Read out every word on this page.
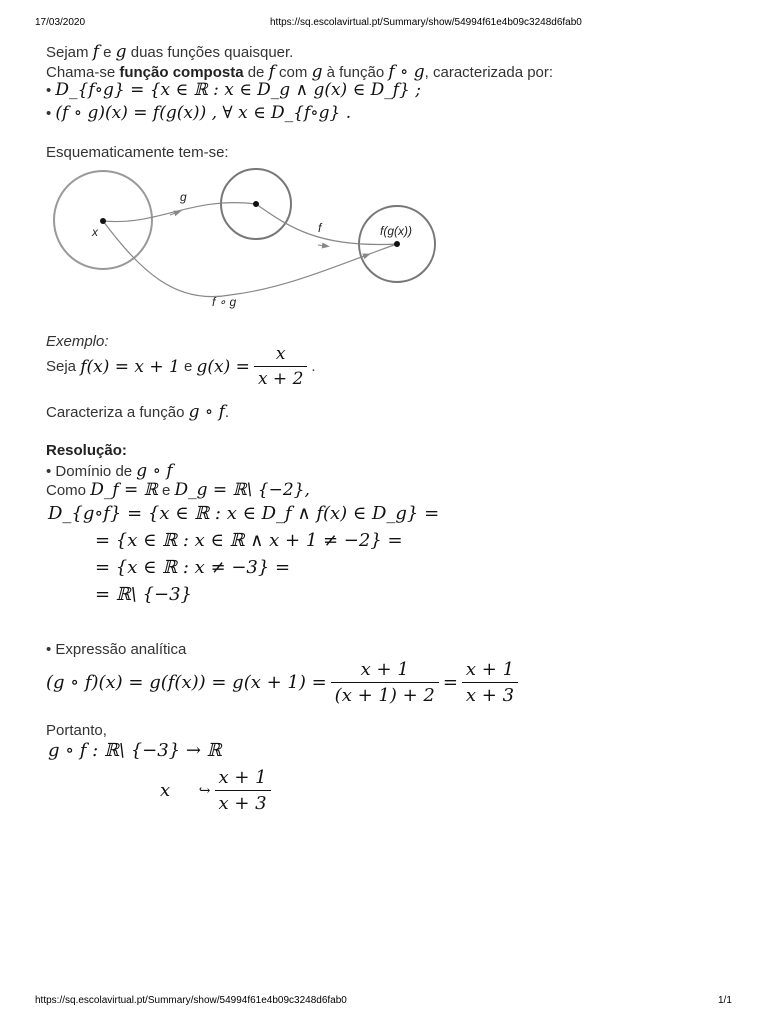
17/03/2020	https://sq.escolavirtual.pt/Summary/show/54994f61e4b09c3248d6fab0
Sejam f e g duas funções quaisquer.
Chama-se função composta de f com g à função f ∘ g, caracterizada por:
• D_{f∘g} = {x ∈ ℝ : x ∈ D_g ∧ g(x) ∈ D_f} ;
• (f ∘ g)(x) = f(g(x)) , ∀ x ∈ D_{f∘g} .
Esquematicamente tem-se:
x
g
f	f(g(x))
f ∘ g
Exemplo:
Seja
f(x) = x + 1
e
$g(x) = \frac{x}{x + 2}$ .
Caracteriza a função g ∘ f.
Resolução:
• Domínio de g ∘ f
Como D_f = ℝ e D_g = ℝ\ {−2},
D_{g∘f} = {x ∈ ℝ : x ∈ D_f ∧ f(x) ∈ D_g} =
= {x ∈ ℝ : x ∈ ℝ ∧ x + 1 ≠ −2} =
= {x ∈ ℝ : x ≠ −3} =
= ℝ\ {−3}
• Expressão analítica
(g ∘ $f)(x) = g(f(x)) = g(x + 1) = \frac{x + 1}{(x + 1) + 2} = \frac{x + 1}{x + 3}$
Portanto,
g ∘ f : ℝ\ {−3} → ℝ
x
↪ $\frac{x + 1}{x + 3}$
https://sq.escolavirtual.pt/Summary/show/54994f61e4b09c3248d6fab0	1/1
